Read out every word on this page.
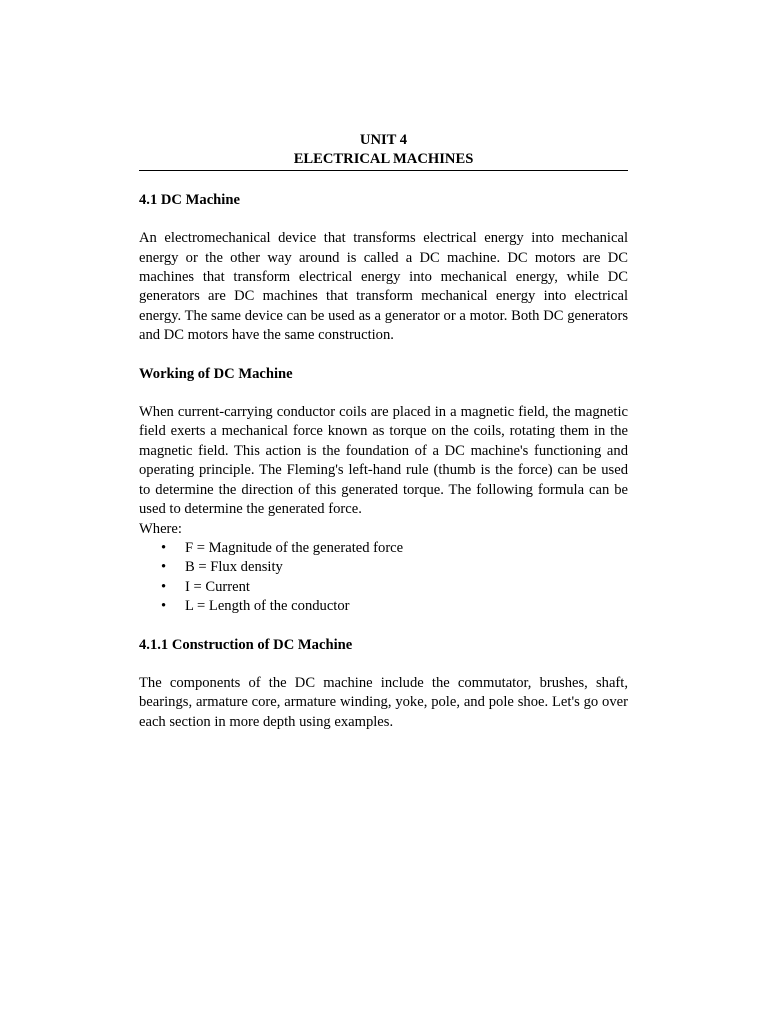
UNIT 4
ELECTRICAL MACHINES
4.1 DC Machine
An electromechanical device that transforms electrical energy into mechanical energy or the other way around is called a DC machine. DC motors are DC machines that transform electrical energy into mechanical energy, while DC generators are DC machines that transform mechanical energy into electrical energy. The same device can be used as a generator or a motor. Both DC generators and DC motors have the same construction.
Working of DC Machine
When current-carrying conductor coils are placed in a magnetic field, the magnetic field exerts a mechanical force known as torque on the coils, rotating them in the magnetic field. This action is the foundation of a DC machine's functioning and operating principle. The Fleming's left-hand rule (thumb is the force) can be used to determine the direction of this generated torque. The following formula can be used to determine the generated force.
Where:
• F = Magnitude of the generated force
• B = Flux density
• I = Current
• L = Length of the conductor
4.1.1 Construction of DC Machine
The components of the DC machine include the commutator, brushes, shaft, bearings, armature core, armature winding, yoke, pole, and pole shoe. Let's go over each section in more depth using examples.
